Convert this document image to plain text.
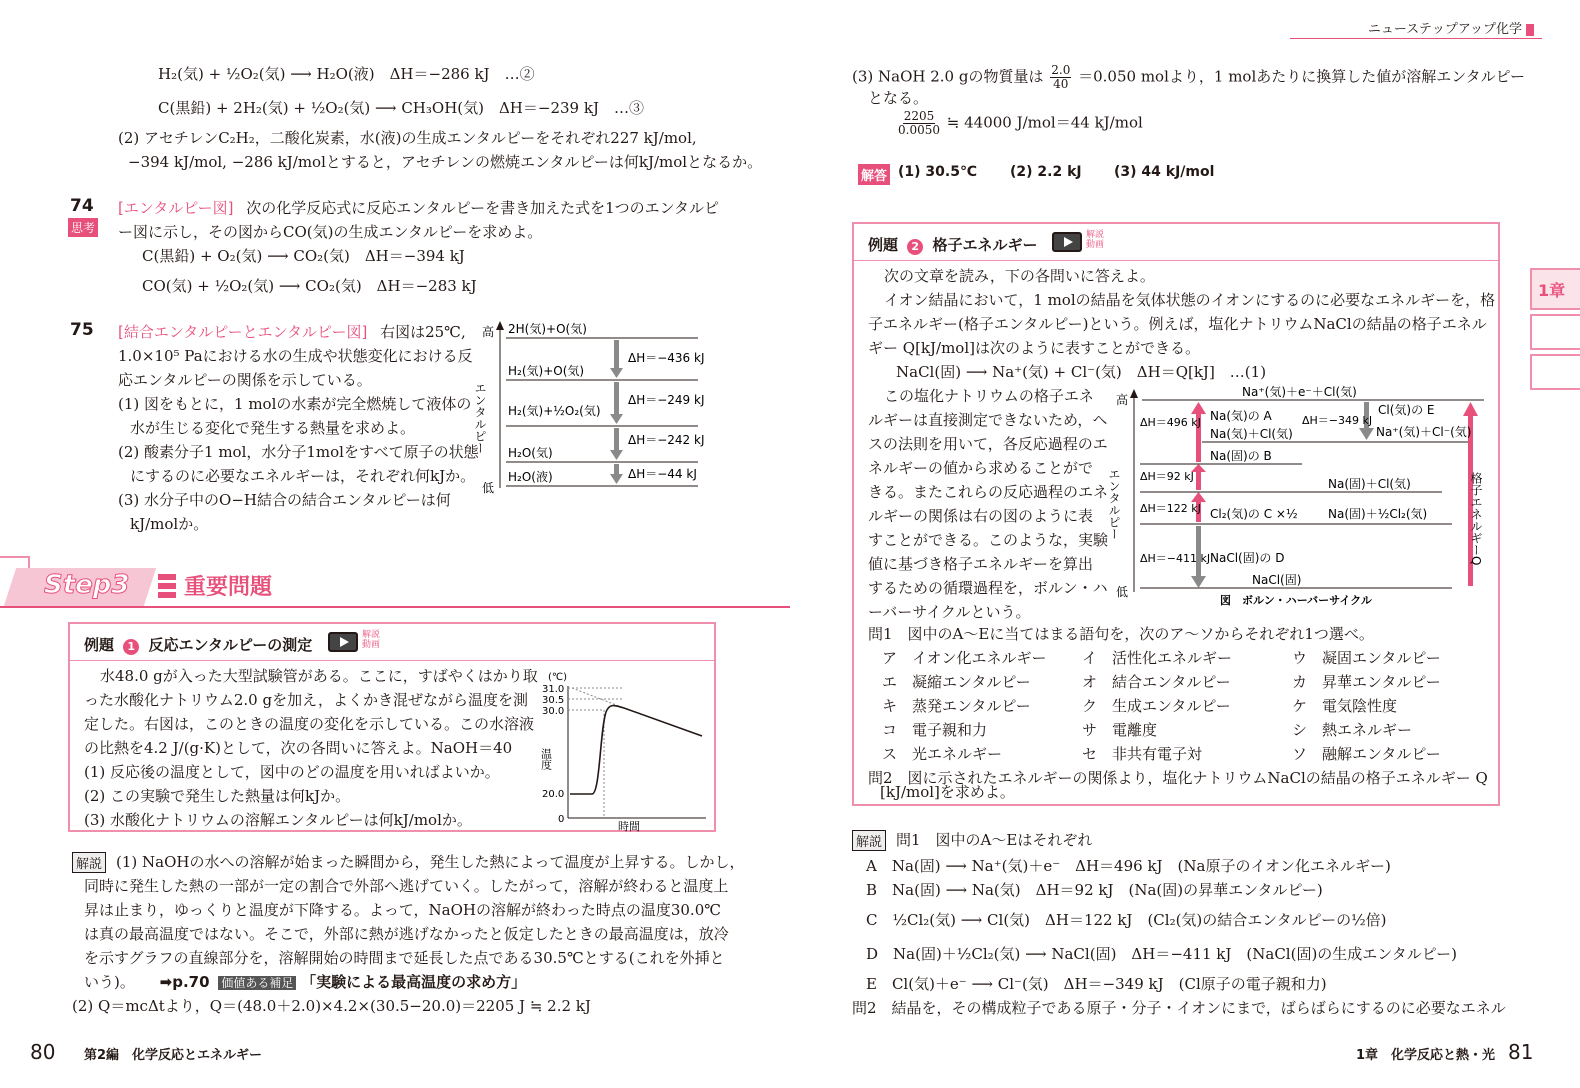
ニューステップアップ化学
1章
H₂(気) + ½O₂(気) ⟶ H₂O(液)　ΔH＝−286 kJ　…②
C(黒鉛) + 2H₂(気) + ½O₂(気) ⟶ CH₃OH(気)　ΔH＝−239 kJ　…③
(2) アセチレンC₂H₂，二酸化炭素，水(液)の生成エンタルピーをそれぞれ227 kJ/mol,
−394 kJ/mol, −286 kJ/molとすると，アセチレンの燃焼エンタルピーは何kJ/molとなるか。
74
思考
[エンタルピー図] 次の化学反応式に反応エンタルピーを書き加えた式を1つのエンタルピ
ー図に示し，その図からCO(気)の生成エンタルピーを求めよ。
C(黒鉛) + O₂(気) ⟶ CO₂(気)　ΔH＝−394 kJ
CO(気) + ½O₂(気) ⟶ CO₂(気)　ΔH＝−283 kJ
75 [結合エンタルピーとエンタルピー図] 右図は25℃,
1.0×10⁵ Paにおける水の生成や状態変化における反
応エンタルピーの関係を示している。
(1) 図をもとに，1 molの水素が完全燃焼して液体の
水が生じる変化で発生する熱量を求めよ。
(2) 酸素分子1 mol，水分子1molをすべて原子の状態
にするのに必要なエネルギーは，それぞれ何kJか。
(3) 水分子中のO−H結合の結合エンタルピーは何
kJ/molか。
高
低
エンタルピー
2H(気)+O(気)
H₂(気)+O(気)
H₂(気)+½O₂(気)
H₂O(気)
H₂O(液)
ΔH＝−436 kJ
ΔH＝−249 kJ
ΔH＝−242 kJ
ΔH＝−44 kJ
Step3 重要問題
例題 1 反応エンタルピーの測定
解説動画
水48.0 gが入った大型試験管がある。ここに，すばやくはかり取
った水酸化ナトリウム2.0 gを加え，よくかき混ぜながら温度を測
定した。右図は，このときの温度の変化を示している。この水溶液
の比熱を4.2 J/(g·K)として，次の各問いに答えよ。NaOH＝40
(1) 反応後の温度として，図中のどの温度を用いればよいか。
(2) この実験で発生した熱量は何kJか。
(3) 水酸化ナトリウムの溶解エンタルピーは何kJ/molか。
(℃)
31.0
30.5
30.0
20.0
0
温度
時間
解説 (1) NaOHの水への溶解が始まった瞬間から，発生した熱によって温度が上昇する。しかし，
同時に発生した熱の一部が一定の割合で外部へ逃げていく。したがって，溶解が終わると温度上
昇は止まり，ゆっくりと温度が下降する。よって，NaOHの溶解が終わった時点の温度30.0℃
は真の最高温度ではない。そこで，外部に熱が逃げなかったと仮定したときの最高温度は，放冷
を示すグラフの直線部分を，溶解開始の時間まで延長した点である30.5℃とする(これを外挿と
いう)。 ➡p.70 価値ある補足 「実験による最高温度の求め方」
(2) Q＝mcΔtより，Q＝(48.0＋2.0)×4.2×(30.5−20.0)＝2205 J ≒ 2.2 kJ
80 第2編　化学反応とエネルギー
(3) NaOH 2.0 gの物質量は $\frac{2.0}{40} =0.050$ molより，1 molあたりに換算した値が溶解エンタルピー
となる。
$\frac{2205}{0.0050}$ ≒ 44000 J/mol＝44 kJ/mol
解答 (1) 30.5℃ (2) 2.2 kJ (3) 44 kJ/mol
例題 2 格子エネルギー
解説動画
次の文章を読み，下の各問いに答えよ。
イオン結晶において，1 molの結晶を気体状態のイオンにするのに必要なエネルギーを，格
子エネルギー(格子エンタルピー)という。例えば，塩化ナトリウムNaClの結晶の格子エネル
ギー Q[kJ/mol]は次のように表すことができる。
NaCl(固) ⟶ Na⁺(気) + Cl⁻(気)　ΔH＝Q[kJ]　…(1)
この塩化ナトリウムの格子エネ
ルギーは直接測定できないため，ヘ
スの法則を用いて，各反応過程のエ
ネルギーの値から求めることがで
きる。またこれらの反応過程のエネ
ルギーの関係は右の図のように表
すことができる。このような，実験
値に基づき格子エネルギーを算出
するための循環過程を，ボルン・ハ
ーバーサイクルという。
高
低
エンタルピー
Na⁺(気)＋e⁻＋Cl(気)
ΔH＝496 kJ
ΔH＝92 kJ
ΔH＝122 kJ
ΔH＝−411 kJ
ΔH＝−349 kJ
Na(気)の A
Na(気)＋Cl(気)
Na(固)の B
Cl₂(気)の C ×½
NaCl(固)の D
Cl(気)の E
Na⁺(気)＋Cl⁻(気)
Na(固)＋Cl(気)
Na(固)＋½Cl₂(気)
NaCl(固)
格子エネルギーQ
図　ボルン・ハーバーサイクル
問1　図中のA〜Eに当てはまる語句を，次のア〜ソからそれぞれ1つ選べ。
ア　イオン化エネルギー	イ　活性化エネルギー	ウ　凝固エンタルピー
エ　凝縮エンタルピー	オ　結合エンタルピー	カ　昇華エンタルピー
キ　蒸発エンタルピー	ク　生成エンタルピー	ケ　電気陰性度
コ　電子親和力	サ　電離度	シ　熱エネルギー
ス　光エネルギー	セ　非共有電子対	ソ　融解エンタルピー
問2　図に示されたエネルギーの関係より，塩化ナトリウムNaClの結晶の格子エネルギー Q
[kJ/mol]を求めよ。
解説 問1　図中のA〜Eはそれぞれ
A　Na(固) ⟶ Na⁺(気)＋e⁻　ΔH＝496 kJ　(Na原子のイオン化エネルギー)
B　Na(固) ⟶ Na(気)　ΔH＝92 kJ　(Na(固)の昇華エンタルピー)
C　½Cl₂(気) ⟶ Cl(気)　ΔH＝122 kJ　(Cl₂(気)の結合エンタルピーの½倍)
D　Na(固)＋½Cl₂(気) ⟶ NaCl(固)　ΔH＝−411 kJ　(NaCl(固)の生成エンタルピー)
E　Cl(気)＋e⁻ ⟶ Cl⁻(気)　ΔH＝−349 kJ　(Cl原子の電子親和力)
問2　結晶を，その構成粒子である原子・分子・イオンにまで，ばらばらにするのに必要なエネル
1章　化学反応と熱・光 81
